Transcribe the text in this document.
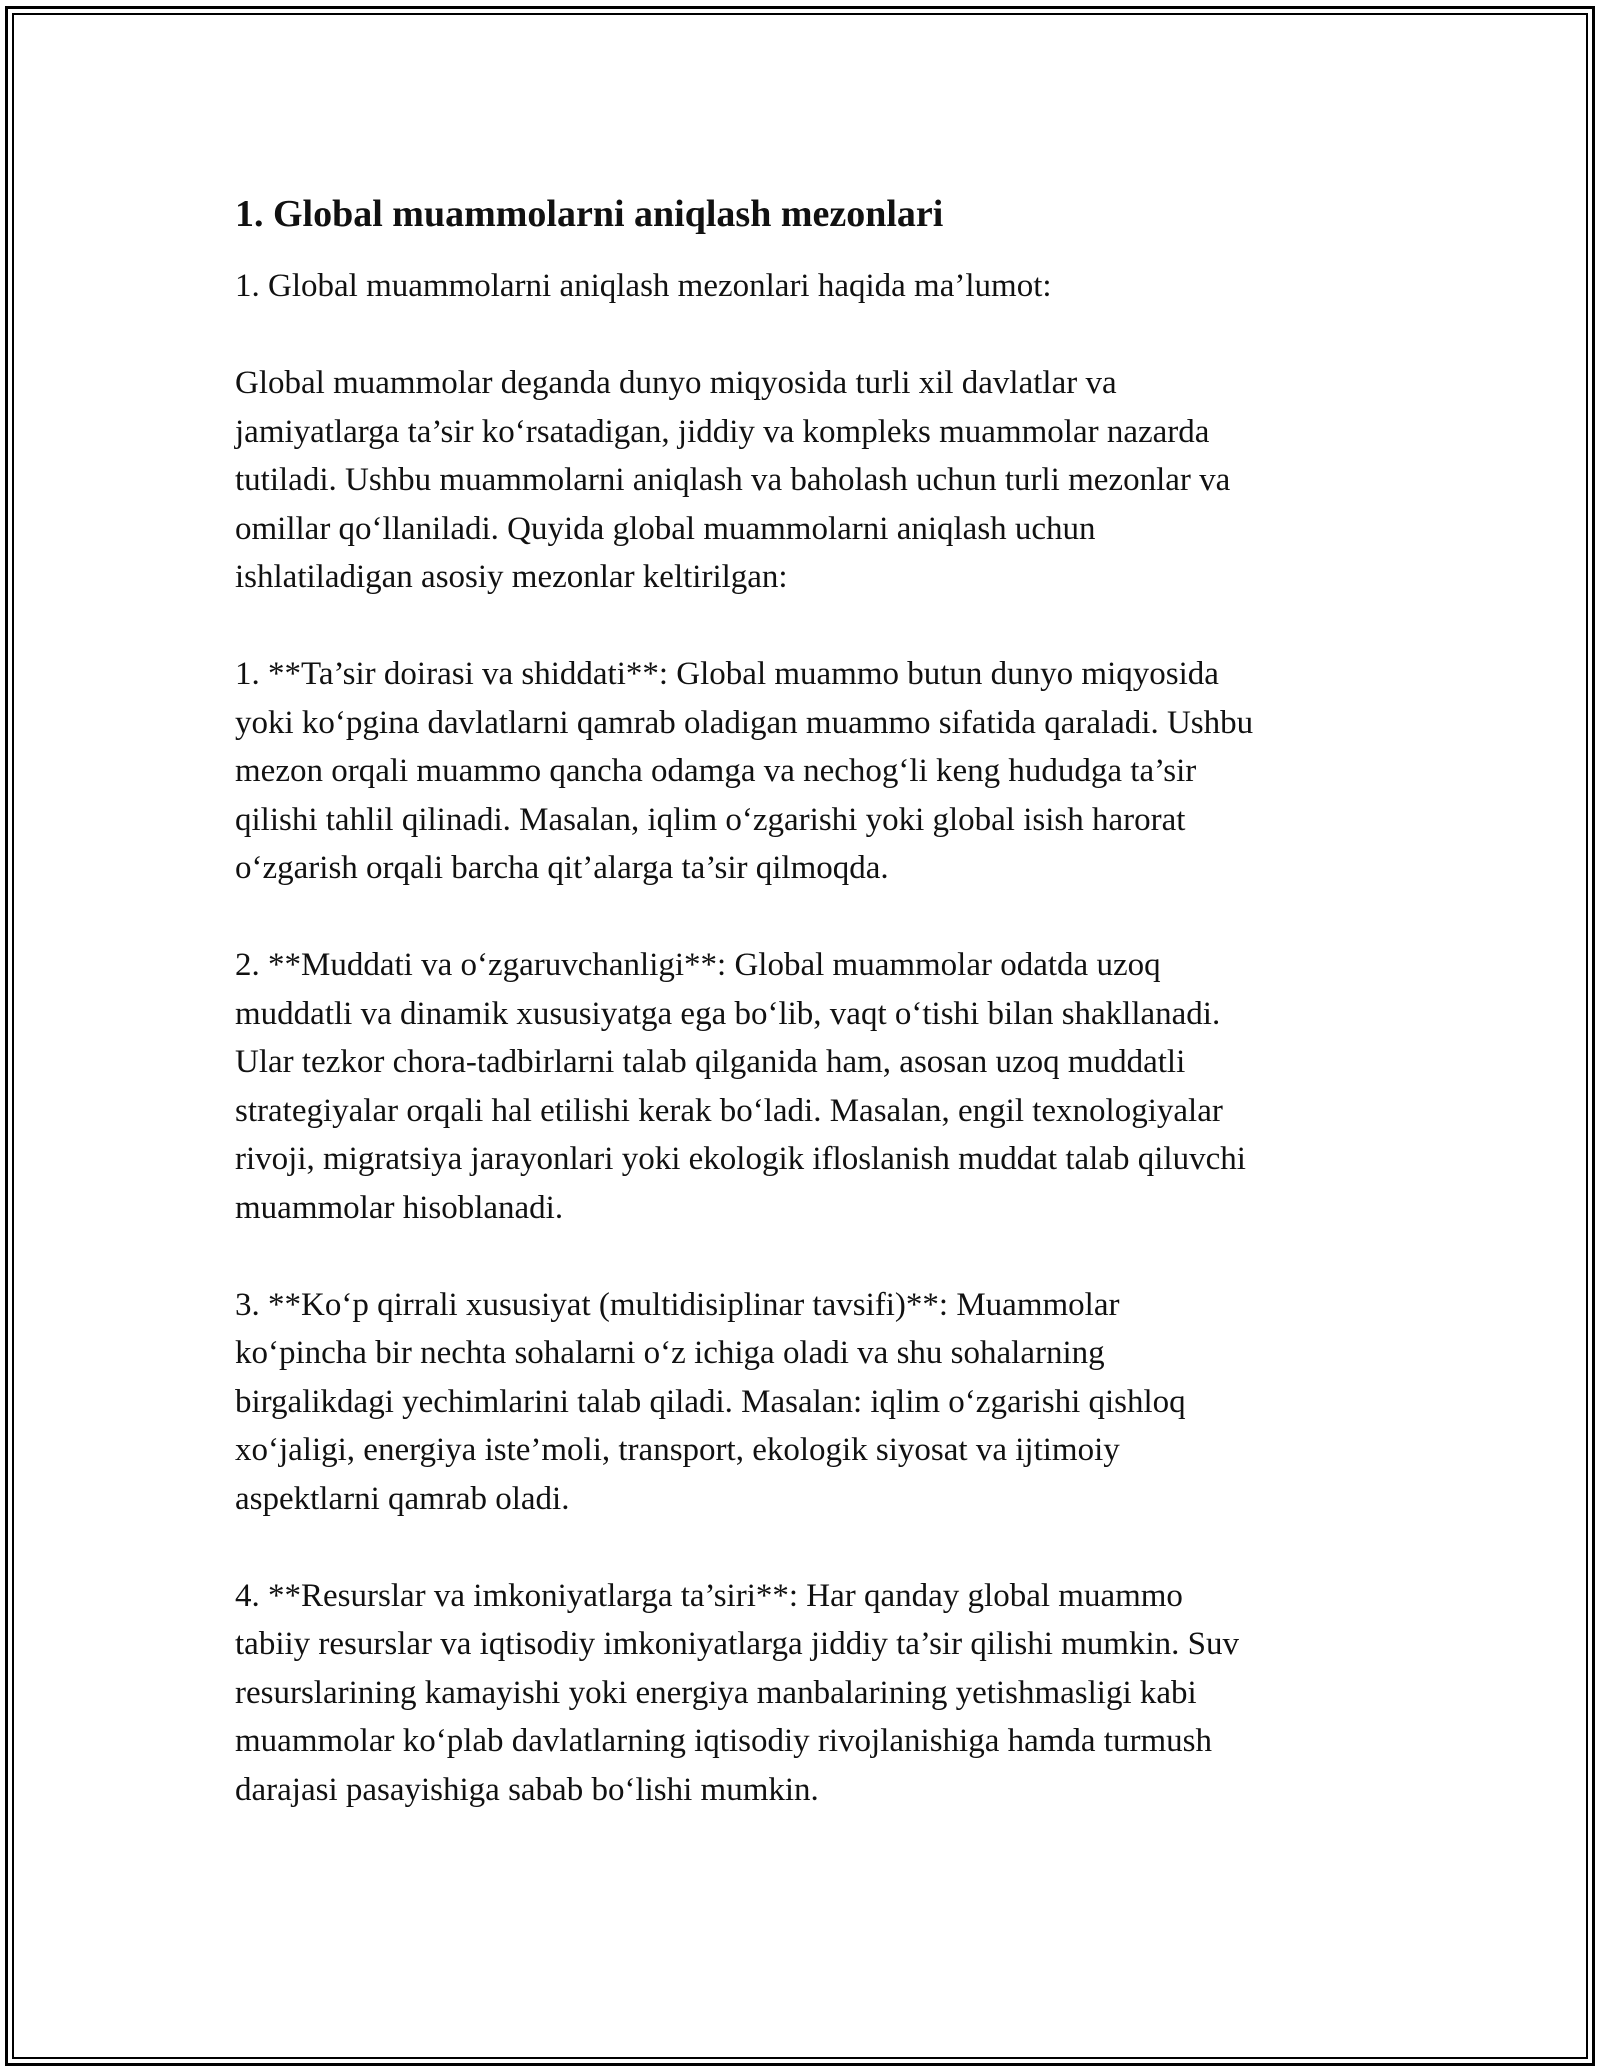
1. Global muammolarni aniqlash mezonlari

1. Global muammolarni aniqlash mezonlari haqida ma’lumot:

Global muammolar deganda dunyo miqyosida turli xil davlatlar va
jamiyatlarga ta’sir ko‘rsatadigan, jiddiy va kompleks muammolar nazarda
tutiladi. Ushbu muammolarni aniqlash va baholash uchun turli mezonlar va
omillar qo‘llaniladi. Quyida global muammolarni aniqlash uchun
ishlatiladigan asosiy mezonlar keltirilgan:

1. **Ta’sir doirasi va shiddati**: Global muammo butun dunyo miqyosida
yoki ko‘pgina davlatlarni qamrab oladigan muammo sifatida qaraladi. Ushbu
mezon orqali muammo qancha odamga va nechog‘li keng hududga ta’sir
qilishi tahlil qilinadi. Masalan, iqlim o‘zgarishi yoki global isish harorat
o‘zgarish orqali barcha qit’alarga ta’sir qilmoqda.

2. **Muddati va o‘zgaruvchanligi**: Global muammolar odatda uzoq
muddatli va dinamik xususiyatga ega bo‘lib, vaqt o‘tishi bilan shakllanadi.
Ular tezkor chora-tadbirlarni talab qilganida ham, asosan uzoq muddatli
strategiyalar orqali hal etilishi kerak bo‘ladi. Masalan, engil texnologiyalar
rivoji, migratsiya jarayonlari yoki ekologik ifloslanish muddat talab qiluvchi
muammolar hisoblanadi.

3. **Ko‘p qirrali xususiyat (multidisiplinar tavsifi)**: Muammolar
ko‘pincha bir nechta sohalarni o‘z ichiga oladi va shu sohalarning
birgalikdagi yechimlarini talab qiladi. Masalan: iqlim o‘zgarishi qishloq
xo‘jaligi, energiya iste’moli, transport, ekologik siyosat va ijtimoiy
aspektlarni qamrab oladi.

4. **Resurslar va imkoniyatlarga ta’siri**: Har qanday global muammo
tabiiy resurslar va iqtisodiy imkoniyatlarga jiddiy ta’sir qilishi mumkin. Suv
resurslarining kamayishi yoki energiya manbalarining yetishmasligi kabi
muammolar ko‘plab davlatlarning iqtisodiy rivojlanishiga hamda turmush
darajasi pasayishiga sabab bo‘lishi mumkin.
